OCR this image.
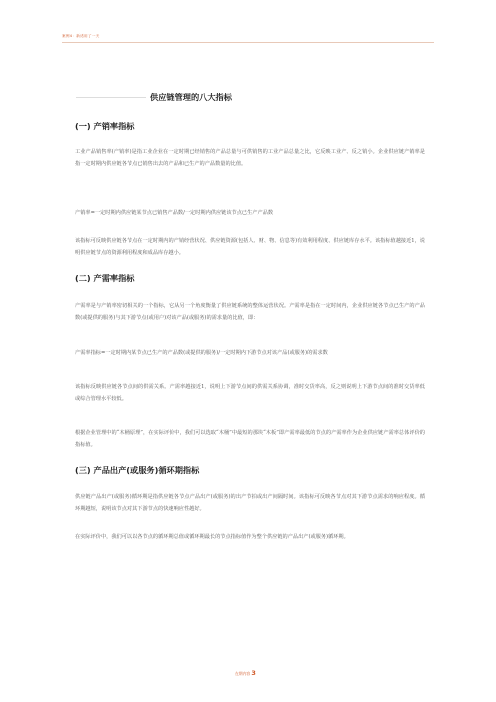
案例4：新适用了一天
供应链管理的八大指标
(一) 产销率指标
工业产品销售率(产销率)是指工业企业在一定时期已经销售的产品总量与可供销售的工业产品总量之比，它反映工业产、反之销小。企业供应链产销率是指一定时期内供应链各节点已销售出去的产品和已生产的产品数量的比值。
产销率=一定时期内供应链某节点已销售产品数/一定时期内供应链该节点已生产产品数
该指标可反映供应链各节点在一定时期内的产销经营状况、供应链资源(包括人、财、物、信息等)有效利用程度、供应链库存水平。该指标值越接近1，说明供应链节点的资源利用程度和成品库存越小。
(二) 产需率指标
产需率是与产销率密切相关的一个指标，它从另一个角度衡量了供应链系统的整体运营状况。产需率是指在一定时间内，企业供应链各节点已生产的产品数(或提供的服务)与其下游节点(或用户)对该产品(或服务)的需求量的比值，即：
产需率指标=一定时期内某节点已生产的产品数(或提供的服务)/一定时期内下游节点对该产品(或服务)的需求数
该指标反映供应链各节点间的供需关系。产需率越接近1，说明上下游节点间的供需关系协调，准时交货率高，反之则说明上下游节点间的准时交货率低或综合管理水平较低。
根据企业管理中的“木桶原理”，在实际评价中，我们可以选取“木桶”中最短的那块“木板”即产需率最低的节点的产需率作为企业供应链产需率总体评价的指标值。
(三) 产品出产(或服务)循环期指标
供应链产品出产(或服务)循环期是指供应链各节点产品出产(或服务)的出产节拍或出产间隔时间。该指标可反映各节点对其下游节点需求的响应程度。循环期越短，说明该节点对其下游节点的快速响应性越好。
在实际评价中，我们可以以各节点的循环期总值或循环期最长的节点指标值作为整个供应链的产品出产(或服务)循环期。
在期内容 3
